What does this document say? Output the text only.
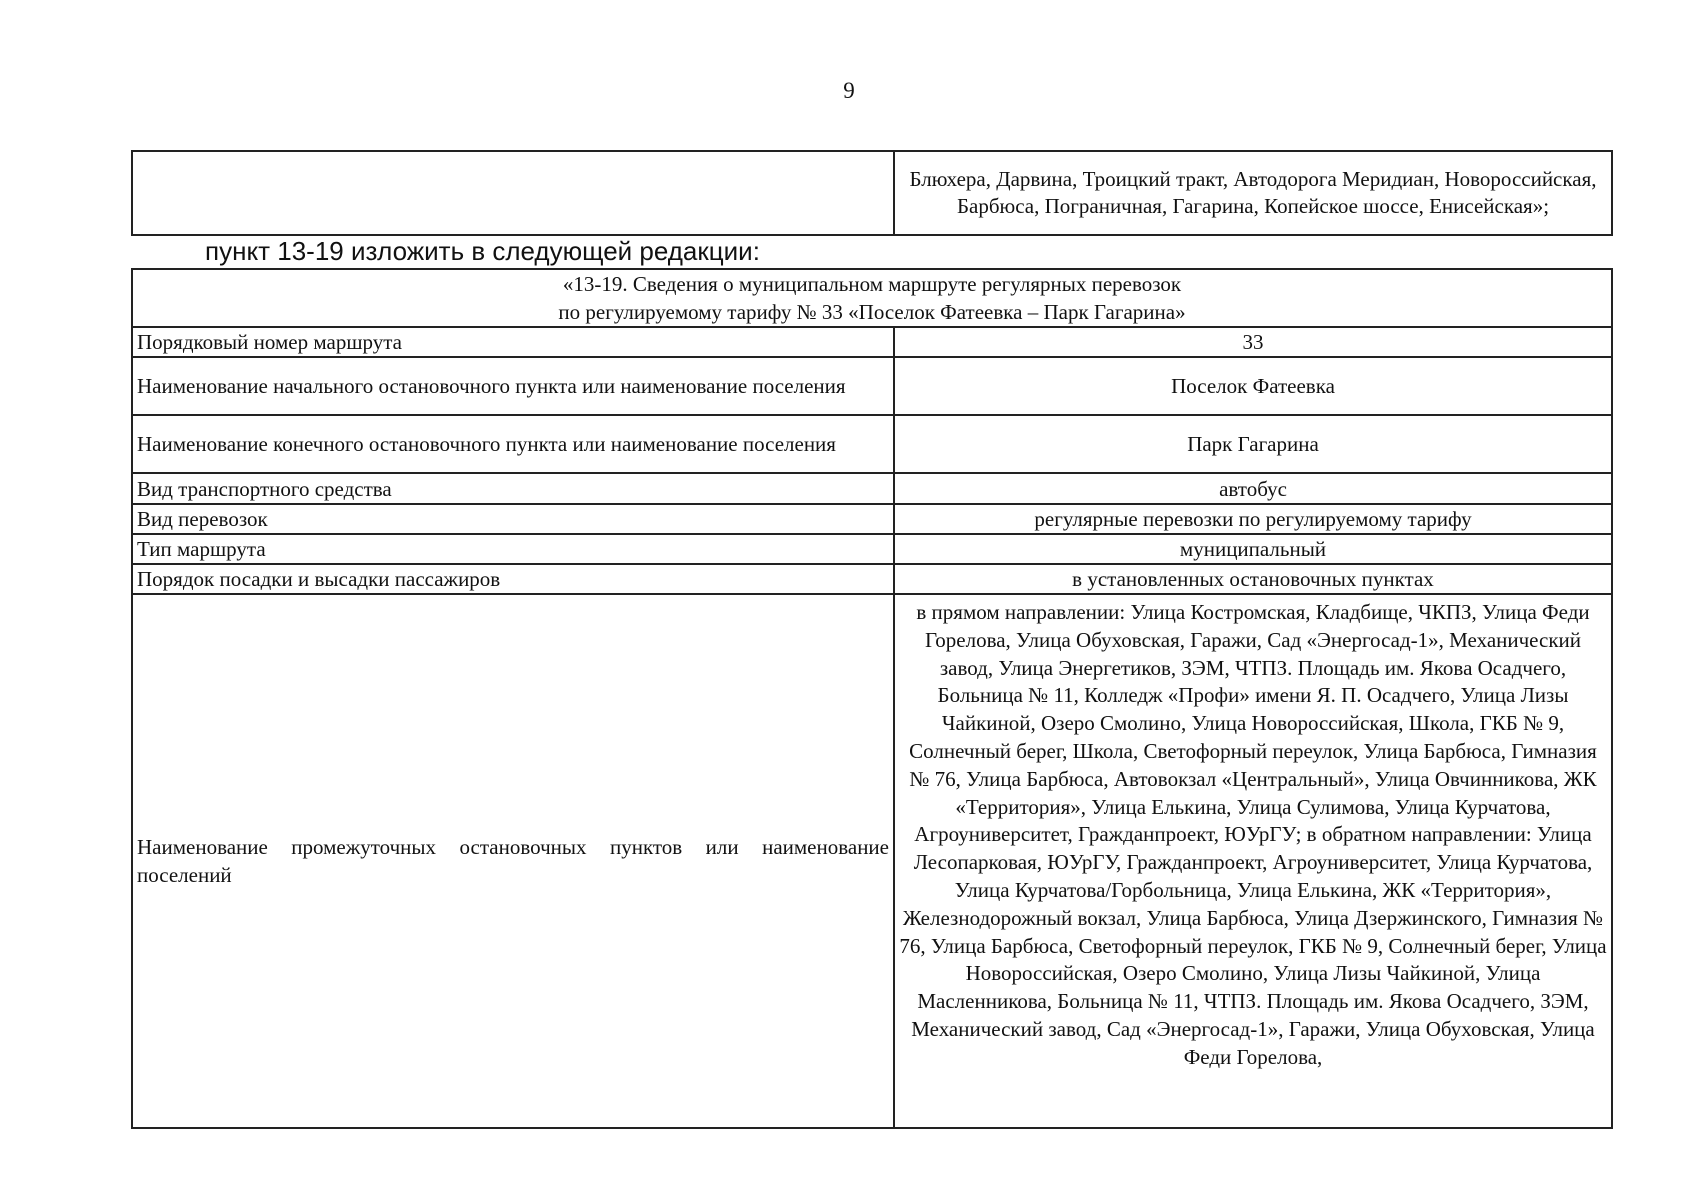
9
	Блюхера, Дарвина, Троицкий тракт, Автодорога Меридиан, Новороссийская, Барбюса, Пограничная, Гагарина, Копейское шоссе, Енисейская»;
пункт 13-19 изложить в следующей редакции:
«13-19. Сведения о муниципальном маршруте регулярных перевозок
по регулируемому тарифу № 33 «Поселок Фатеевка – Парк Гагарина»	

Порядковый номер маршрута	33
Наименование начального остановочного пункта или наименование поселения	Поселок Фатеевка
Наименование конечного остановочного пункта или наименование поселения	Парк Гагарина
Вид транспортного средства	автобус
Вид перевозок	регулярные перевозки по регулируемому тарифу
Тип маршрута	муниципальный
Порядок посадки и высадки пассажиров	в установленных остановочных пунктах
Наименование промежуточных остановочных пунктов или наименование поселений	в прямом направлении: Улица Костромская, Кладбище, ЧКПЗ, Улица Феди Горелова, Улица Обуховская, Гаражи, Сад «Энергосад-1», Механический завод, Улица Энергетиков, ЗЭМ, ЧТПЗ. Площадь им. Якова Осадчего, Больница № 11, Колледж «Профи» имени Я. П. Осадчего, Улица Лизы Чайкиной, Озеро Смолино, Улица Новороссийская, Школа, ГКБ № 9, Солнечный берег, Школа, Светофорный переулок, Улица Барбюса, Гимназия № 76, Улица Барбюса, Автовокзал «Центральный», Улица Овчинникова, ЖК «Территория», Улица Елькина, Улица Сулимова, Улица Курчатова, Агроуниверситет, Гражданпроект, ЮУрГУ; в обратном направлении: Улица Лесопарковая, ЮУрГУ, Гражданпроект, Агроуниверситет, Улица Курчатова, Улица Курчатова/Горбольница, Улица Елькина, ЖК «Территория», Железнодорожный вокзал, Улица Барбюса, Улица Дзержинского, Гимназия № 76, Улица Барбюса, Светофорный переулок, ГКБ № 9, Солнечный берег, Улица Новороссийская, Озеро Смолино, Улица Лизы Чайкиной, Улица Масленникова, Больница № 11, ЧТПЗ. Площадь им. Якова Осадчего, ЗЭМ, Механический завод, Сад «Энергосад-1», Гаражи, Улица Обуховская, Улица Феди Горелова,
